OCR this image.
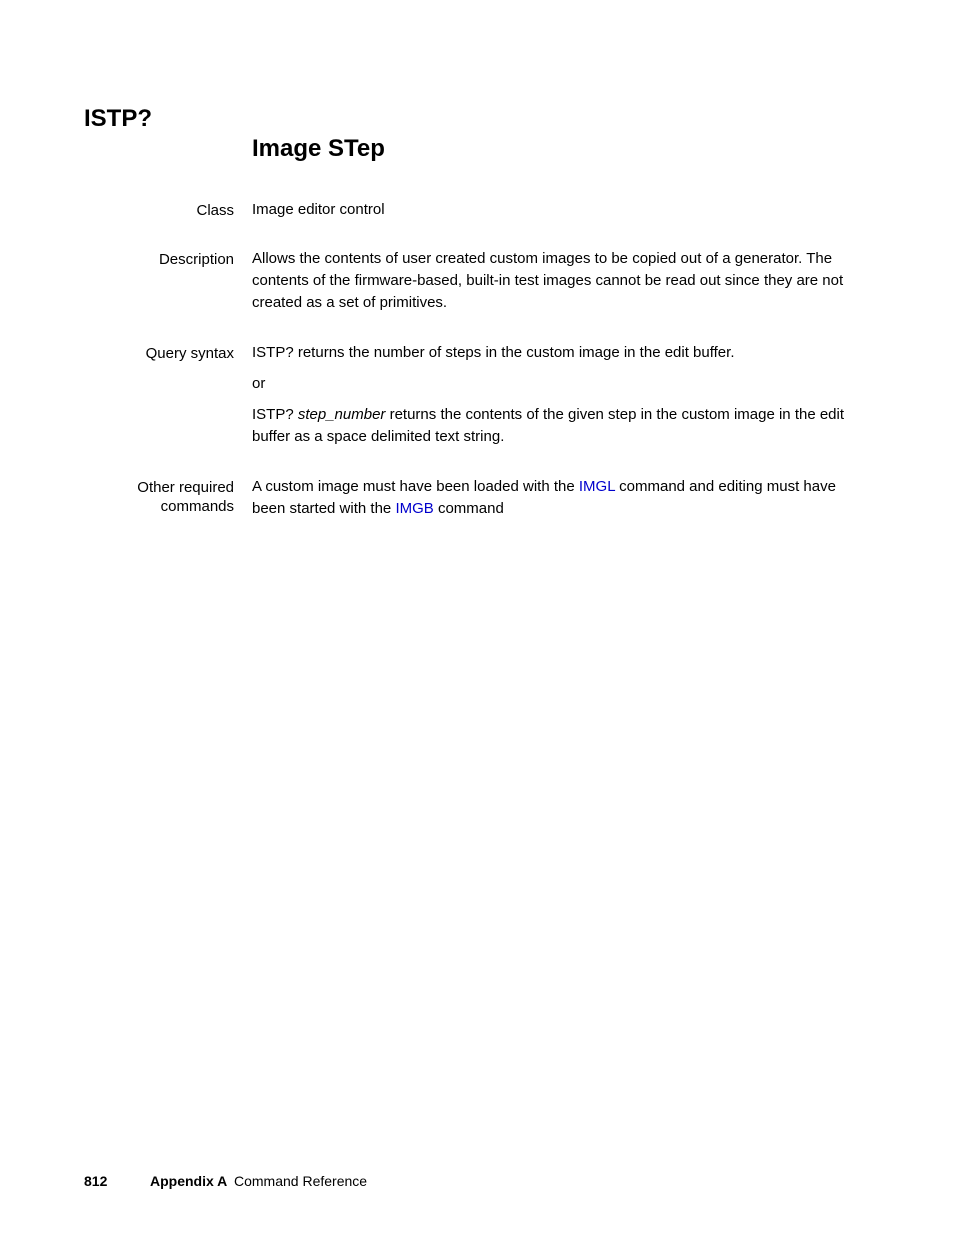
ISTP?
Image STep
Class Image editor control

Description Allows the contents of user created custom images to be copied out of a generator. The contents of the firmware-based, built-in test images cannot be read out since they are not created as a set of primitives.

Query syntax ISTP? returns the number of steps in the custom image in the edit buffer.

or

ISTP? step_number returns the contents of the given step in the custom image in the edit buffer as a space delimited text string.

Other required
commands

A custom image must have been loaded with the IMGL command and editing must have been started with the IMGB command

812	Appendix A Command Reference
